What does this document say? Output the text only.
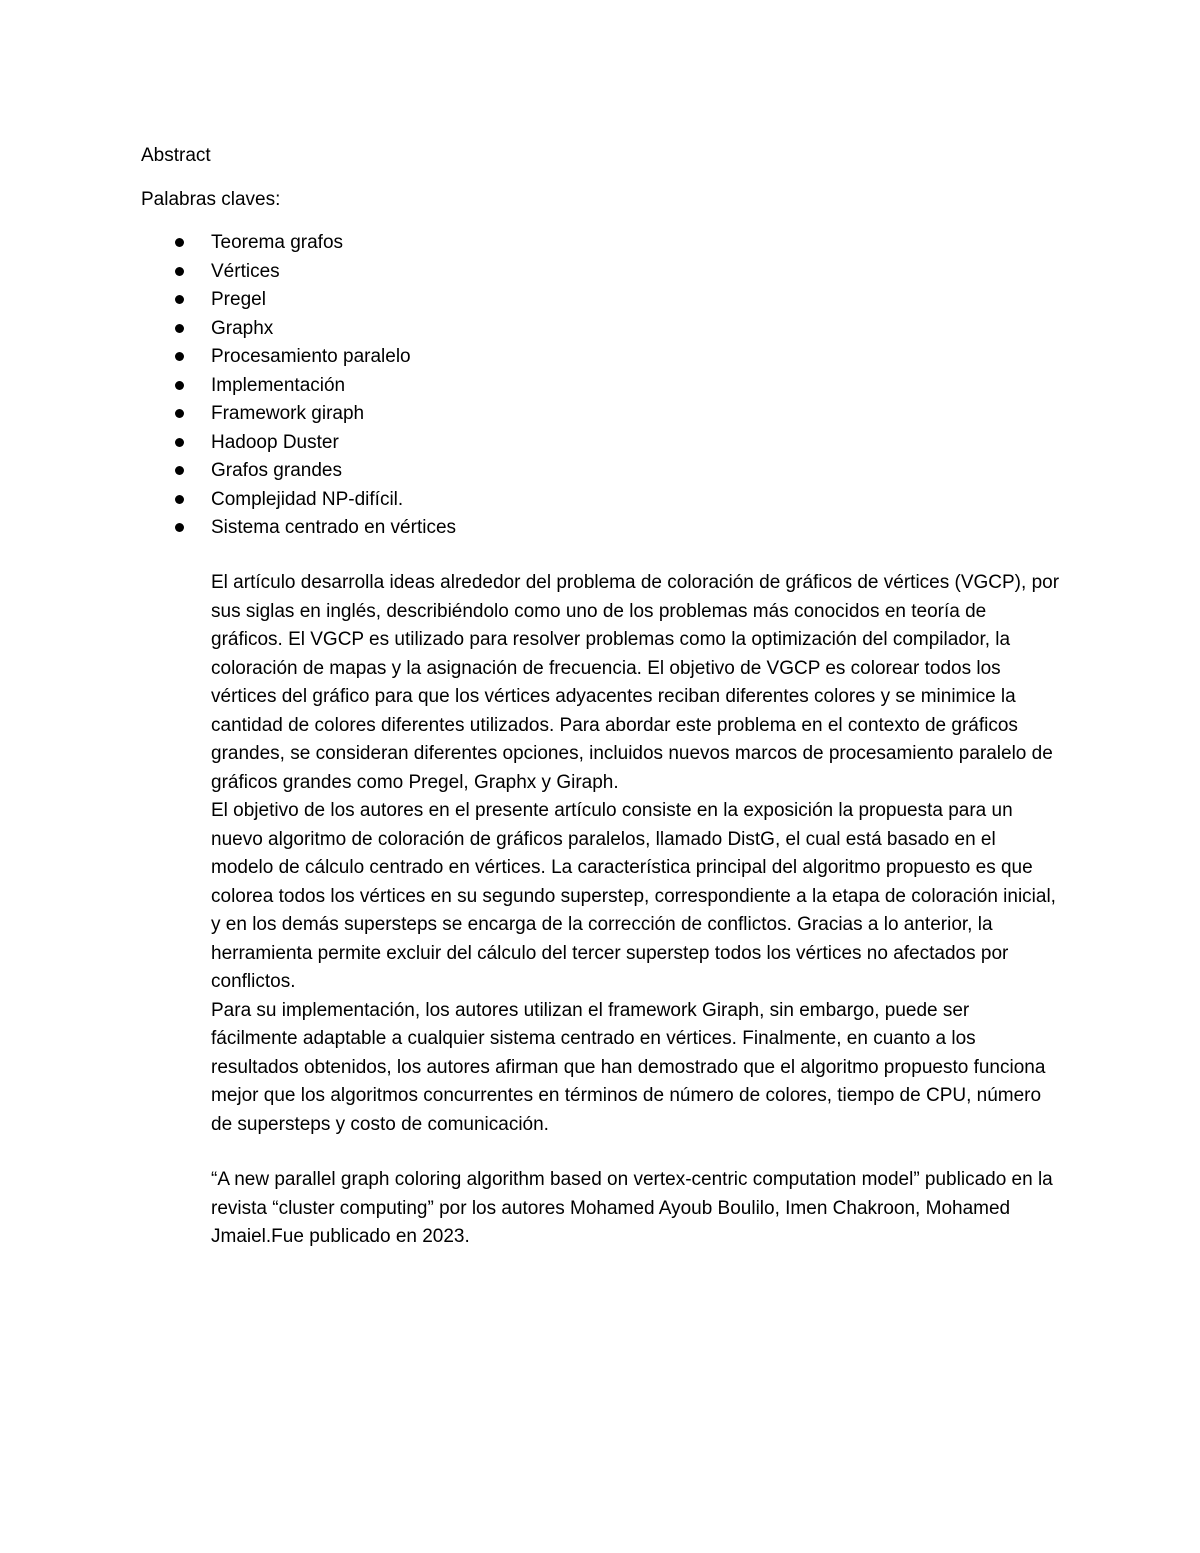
Abstract
Palabras claves:
Teorema grafos
Vértices
Pregel
Graphx
Procesamiento paralelo
Implementación
Framework giraph
Hadoop Duster
Grafos grandes
Complejidad NP-difícil.
Sistema centrado en vértices

El artículo desarrolla ideas alrededor del problema de coloración de gráficos de vértices (VGCP), por sus siglas en inglés, describiéndolo como uno de los problemas más conocidos en teoría de gráficos. El VGCP es utilizado para resolver problemas como la optimización del compilador, la coloración de mapas y la asignación de frecuencia. El objetivo de VGCP es colorear todos los vértices del gráfico para que los vértices adyacentes reciban diferentes colores y se minimice la cantidad de colores diferentes utilizados. Para abordar este problema en el contexto de gráficos grandes, se consideran diferentes opciones, incluidos nuevos marcos de procesamiento paralelo de gráficos grandes como Pregel, Graphx y Giraph.

El objetivo de los autores en el presente artículo consiste en la exposición la propuesta para un nuevo algoritmo de coloración de gráficos paralelos, llamado DistG, el cual está basado en el modelo de cálculo centrado en vértices. La característica principal del algoritmo propuesto es que colorea todos los vértices en su segundo superstep, correspondiente a la etapa de coloración inicial, y en los demás supersteps se encarga de la corrección de conflictos. Gracias a lo anterior, la herramienta permite excluir del cálculo del tercer superstep todos los vértices no afectados por conflictos.

Para su implementación, los autores utilizan el framework Giraph, sin embargo, puede ser fácilmente adaptable a cualquier sistema centrado en vértices. Finalmente, en cuanto a los resultados obtenidos, los autores afirman que han demostrado que el algoritmo propuesto funciona mejor que los algoritmos concurrentes en términos de número de colores, tiempo de CPU, número de supersteps y costo de comunicación.

“A new parallel graph coloring algorithm based on vertex-centric computation model” publicado en la revista “cluster computing” por los autores Mohamed Ayoub Boulilo, Imen Chakroon, Mohamed Jmaiel.Fue publicado en 2023.
